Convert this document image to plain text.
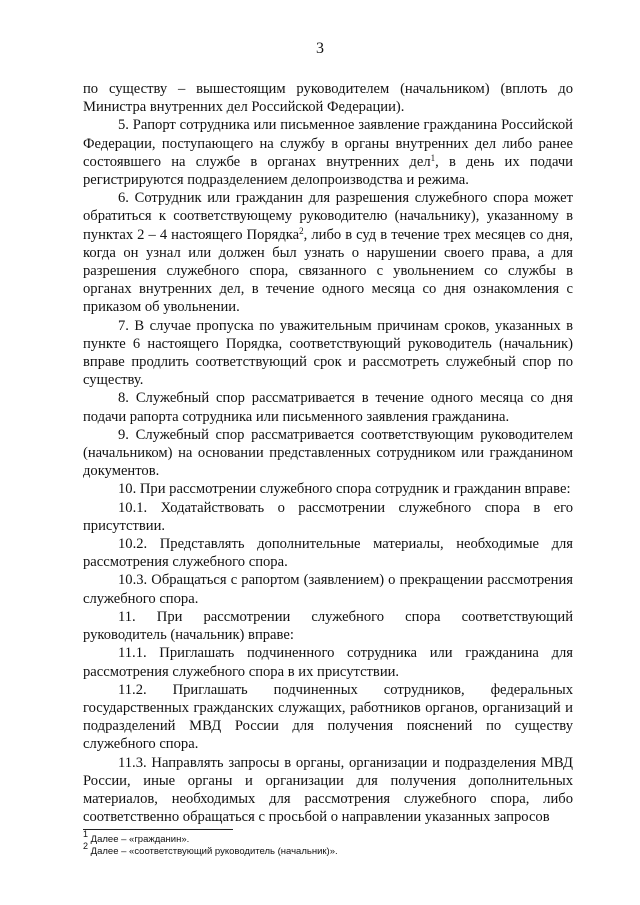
3

по существу – вышестоящим руководителем (начальником) (вплоть до Министра внутренних дел Российской Федерации).

5. Рапорт сотрудника или письменное заявление гражданина Российской Федерации, поступающего на службу в органы внутренних дел либо ранее состоявшего на службе в органах внутренних дел$^1$, в день их подачи регистрируются подразделением делопроизводства и режима.

6. Сотрудник или гражданин для разрешения служебного спора может обратиться к соответствующему руководителю (начальнику), указанному в пунктах 2 – 4 настоящего Порядка$^2$, либо в суд в течение трех месяцев со дня, когда он узнал или должен был узнать о нарушении своего права, а для разрешения служебного спора, связанного с увольнением со службы в органах внутренних дел, в течение одного месяца со дня ознакомления с приказом об увольнении.

7. В случае пропуска по уважительным причинам сроков, указанных в пункте 6 настоящего Порядка, соответствующий руководитель (начальник) вправе продлить соответствующий срок и рассмотреть служебный спор по существу.

8. Служебный спор рассматривается в течение одного месяца со дня подачи рапорта сотрудника или письменного заявления гражданина.

9. Служебный спор рассматривается соответствующим руководителем (начальником) на основании представленных сотрудником или гражданином документов.

10. При рассмотрении служебного спора сотрудник и гражданин вправе:

10.1. Ходатайствовать о рассмотрении служебного спора в его присутствии.

10.2. Представлять дополнительные материалы, необходимые для рассмотрения служебного спора.

10.3. Обращаться с рапортом (заявлением) о прекращении рассмотрения служебного спора.

11. При рассмотрении служебного спора соответствующий руководитель (начальник) вправе:

11.1. Приглашать подчиненного сотрудника или гражданина для рассмотрения служебного спора в их присутствии.

11.2. Приглашать подчиненных сотрудников, федеральных государственных гражданских служащих, работников органов, организаций и подразделений МВД России для получения пояснений по существу служебного спора.

11.3. Направлять запросы в органы, организации и подразделения МВД России, иные органы и организации для получения дополнительных материалов, необходимых для рассмотрения служебного спора, либо соответственно обращаться с просьбой о направлении указанных запросов

$^1$ Далее – «гражданин».
$^2$ Далее – «соответствующий руководитель (начальник)».
